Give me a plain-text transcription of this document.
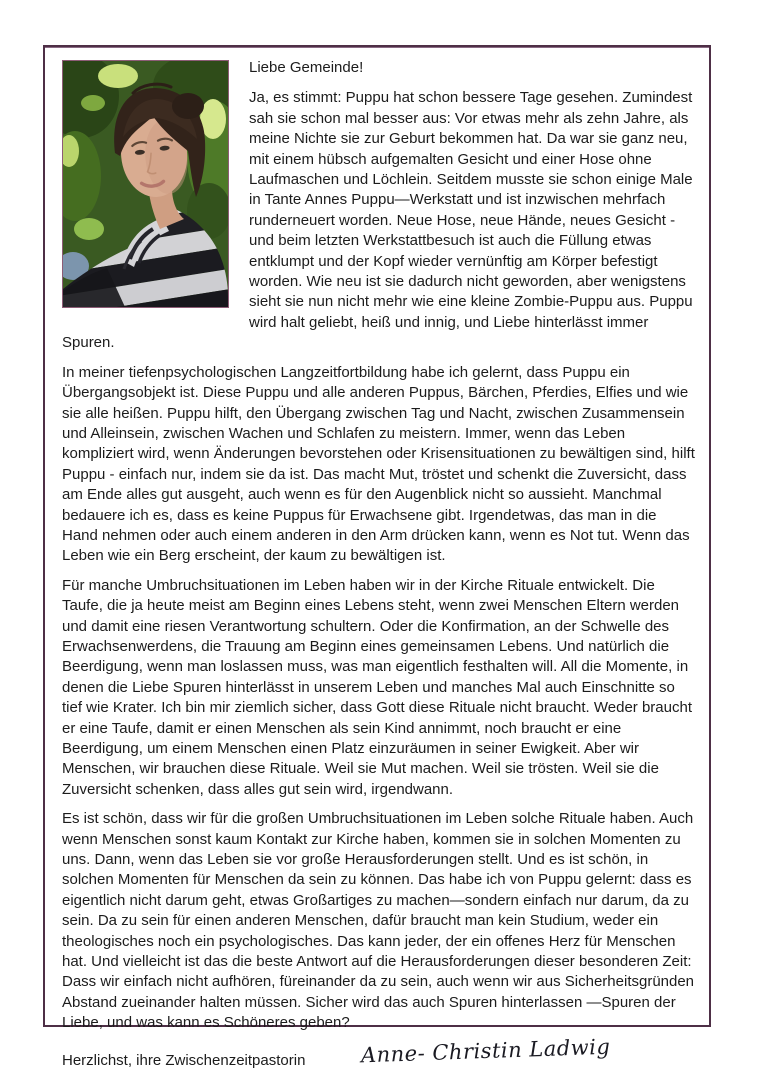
Liebe Gemeinde!

Ja, es stimmt: Puppu hat schon bessere Tage gesehen. Zumindest sah sie schon mal besser aus: Vor etwas mehr als zehn Jahre, als meine Nichte sie zur Geburt bekommen hat. Da war sie ganz neu, mit einem hübsch aufgemalten Gesicht und einer Hose ohne Laufmaschen und Löchlein. Seitdem musste sie schon einige Male in Tante Annes Puppu—Werkstatt und ist inzwischen mehrfach runderneuert worden. Neue Hose, neue Hände, neues Gesicht - und beim letzten Werkstattbesuch ist auch die Füllung etwas entklumpt und der Kopf wieder vernünftig am Körper befestigt worden. Wie neu ist sie dadurch nicht geworden, aber wenigstens sieht sie nun nicht mehr wie eine kleine Zombie-Puppu aus. Puppu wird halt geliebt, heiß und innig, und Liebe hinterlässt immer Spuren.

In meiner tiefenpsychologischen Langzeitfortbildung habe ich gelernt, dass Puppu ein Übergangsobjekt ist. Diese Puppu und alle anderen Puppus, Bärchen, Pferdies, Elfies und wie sie alle heißen. Puppu hilft, den Übergang zwischen Tag und Nacht, zwischen Zusammensein und Alleinsein, zwischen Wachen und Schlafen zu meistern. Immer, wenn das Leben kompliziert wird, wenn Änderungen bevorstehen oder Krisensituationen zu bewältigen sind, hilft Puppu - einfach nur, indem sie da ist. Das macht Mut, tröstet und schenkt die Zuversicht, dass am Ende alles gut ausgeht, auch wenn es für den Augenblick nicht so aussieht. Manchmal bedauere ich es, dass es keine Puppus für Erwachsene gibt. Irgendetwas, das man in die Hand nehmen oder auch einem anderen in den Arm drücken kann, wenn es Not tut. Wenn das Leben wie ein Berg erscheint, der kaum zu bewältigen ist.

Für manche Umbruchsituationen im Leben haben wir in der Kirche Rituale entwickelt. Die Taufe, die ja heute meist am Beginn eines Lebens steht, wenn zwei Menschen Eltern werden und damit eine riesen Verantwortung schultern. Oder die Konfirmation, an der Schwelle des Erwachsenwerdens, die Trauung am Beginn eines gemeinsamen Lebens. Und natürlich die Beerdigung, wenn man loslassen muss, was man eigentlich festhalten will. All die Momente, in denen die Liebe Spuren hinterlässt in unserem Leben und manches Mal auch Einschnitte so tief wie Krater. Ich bin mir ziemlich sicher, dass Gott diese Rituale nicht braucht. Weder braucht er eine Taufe, damit er einen Menschen als sein Kind annimmt, noch braucht er eine Beerdigung, um einem Menschen einen Platz einzuräumen in seiner Ewigkeit. Aber wir Menschen, wir brauchen diese Rituale. Weil sie Mut machen. Weil sie trösten. Weil sie die Zuversicht schenken, dass alles gut sein wird, irgendwann.

Es ist schön, dass wir für die großen Umbruchsituationen im Leben solche Rituale haben. Auch wenn Menschen sonst kaum Kontakt zur Kirche haben, kommen sie in solchen Momenten zu uns. Dann, wenn das Leben sie vor große Herausforderungen stellt. Und es ist schön, in solchen Momenten für Menschen da sein zu können. Das habe ich von Puppu gelernt: dass es eigentlich nicht darum geht, etwas Großartiges zu machen—sondern einfach nur darum, da zu sein. Da zu sein für einen anderen Menschen, dafür braucht man kein Studium, weder ein theologisches noch ein psychologisches. Das kann jeder, der ein offenes Herz für Menschen hat. Und vielleicht ist das die beste Antwort auf die Herausforderungen dieser besonderen Zeit: Dass wir einfach nicht aufhören, füreinander da zu sein, auch wenn wir aus Sicherheitsgründen Abstand zueinander halten müssen. Sicher wird das auch Spuren hinterlassen —Spuren der Liebe, und was kann es Schöneres geben?

Herzlichst, ihre Zwischenzeitpastorin	Anne- Christin Ladwig
